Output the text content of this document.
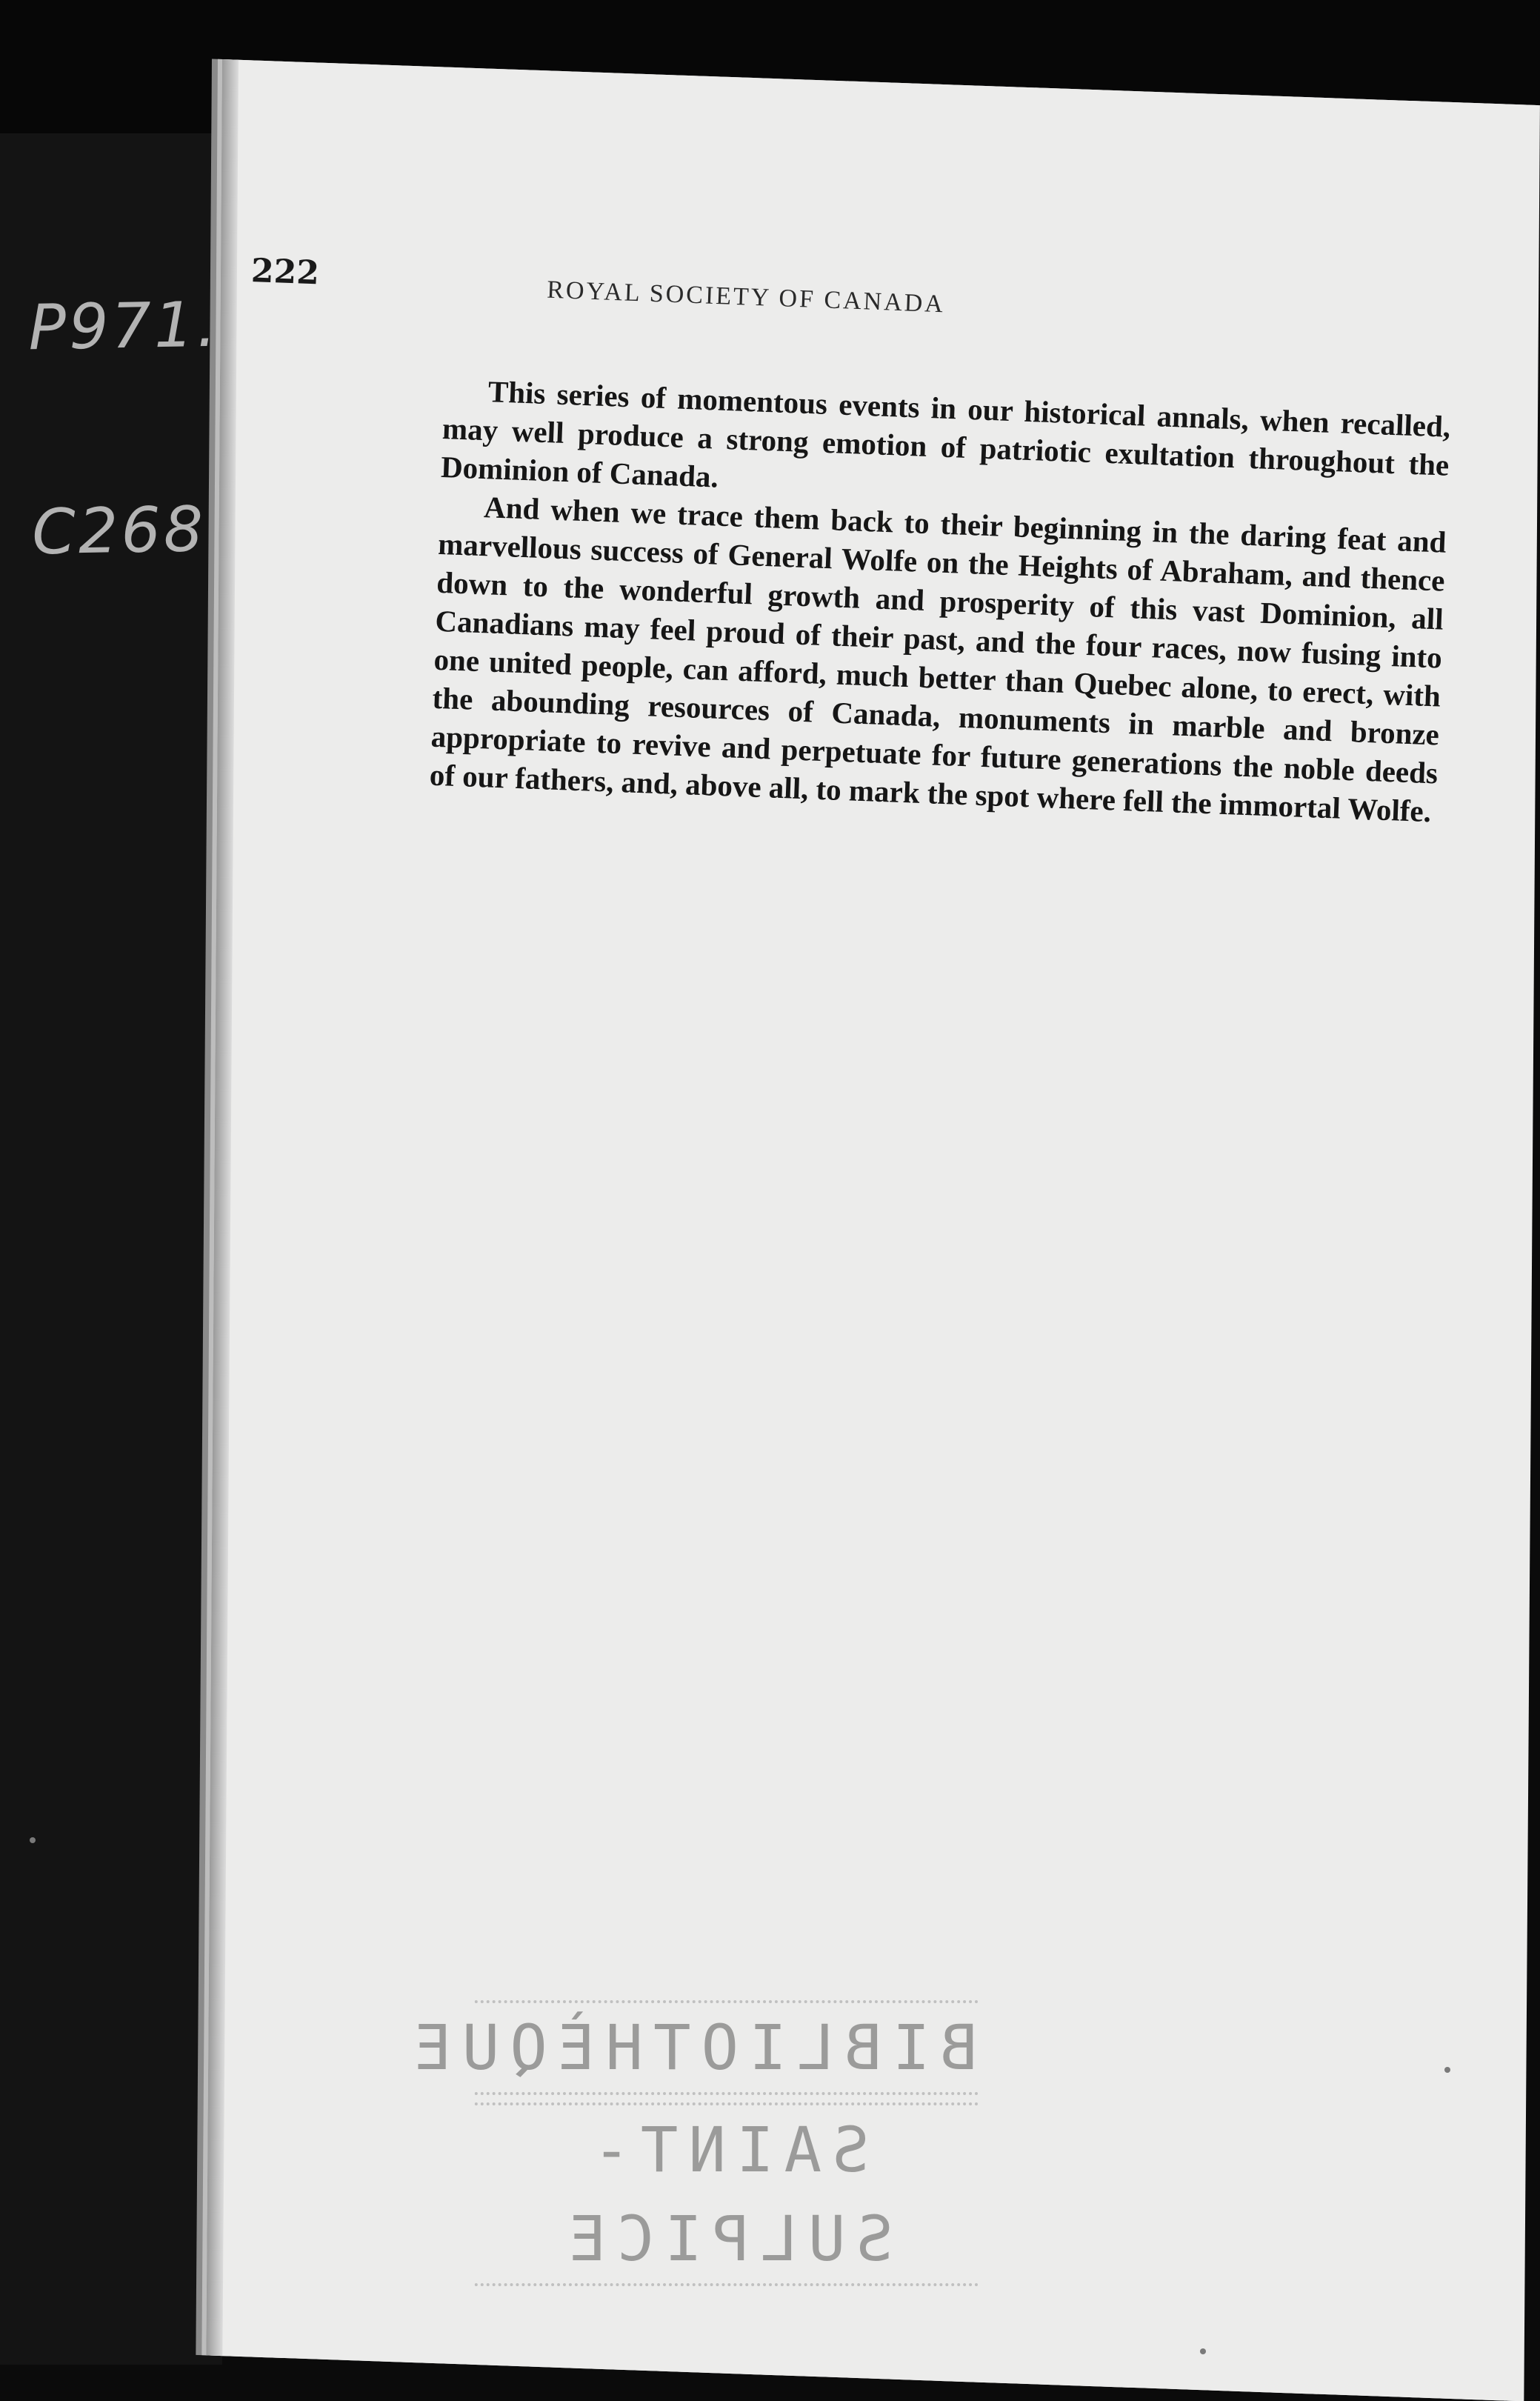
P971.

C268

222
ROYAL SOCIETY OF CANADA

This series of momentous events in our historical annals, when recalled, may well produce a strong emotion of patriotic exultation throughout the Dominion of Canada.

And when we trace them back to their beginning in the daring feat and marvellous success of General Wolfe on the Heights of Abraham, and thence down to the wonderful growth and prosperity of this vast Dominion, all Canadians may feel proud of their past, and the four races, now fusing into one united people, can afford, much better than Quebec alone, to erect, with the abounding resources of Canada, monuments in marble and bronze appropriate to revive and perpetuate for future generations the noble deeds of our fathers, and, above all, to mark the spot where fell the immortal Wolfe.

BIBLIOTHÈQUE
SAINT-SULPICE
